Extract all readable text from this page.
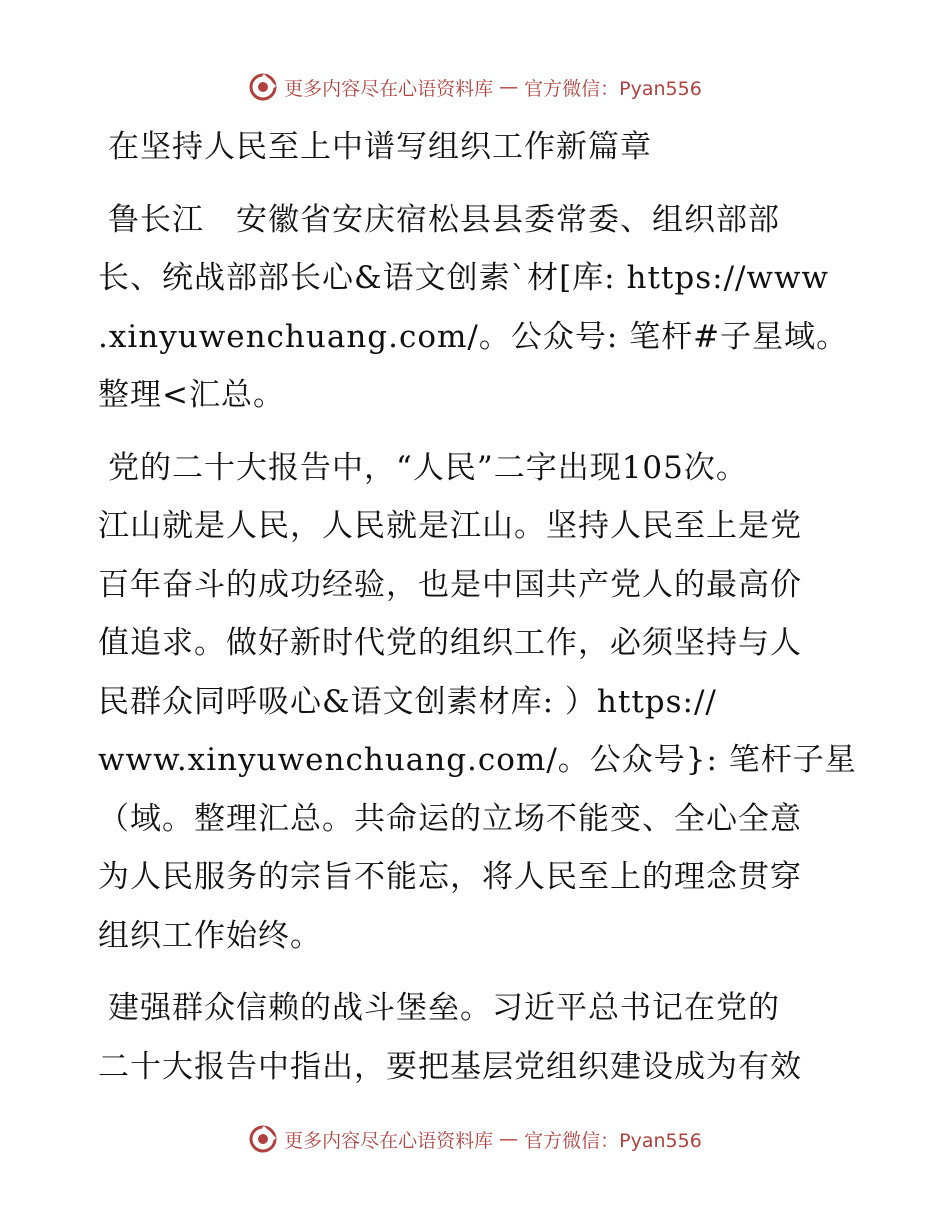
更多内容尽在心语资料库 — 官方微信：Pyan556
在坚持人民至上中谱写组织工作新篇章
鲁长江　安徽省安庆宿松县县委常委、组织部部
长、统战部部长心&语文创素`材[库: https://www
.xinyuwenchuang.com/。公众号: 笔杆#子星域。
整理<汇总。
党的二十大报告中，“人民”二字出现105次。
江山就是人民，人民就是江山。坚持人民至上是党
百年奋斗的成功经验，也是中国共产党人的最高价
值追求。做好新时代党的组织工作，必须坚持与人
民群众同呼吸心&语文创素材库: ）https://
www.xinyuwenchuang.com/。公众号}: 笔杆子星
（域。整理汇总。共命运的立场不能变、全心全意
为人民服务的宗旨不能忘，将人民至上的理念贯穿
组织工作始终。
建强群众信赖的战斗堡垒。习近平总书记在党的
二十大报告中指出，要把基层党组织建设成为有效
更多内容尽在心语资料库 — 官方微信：Pyan556
